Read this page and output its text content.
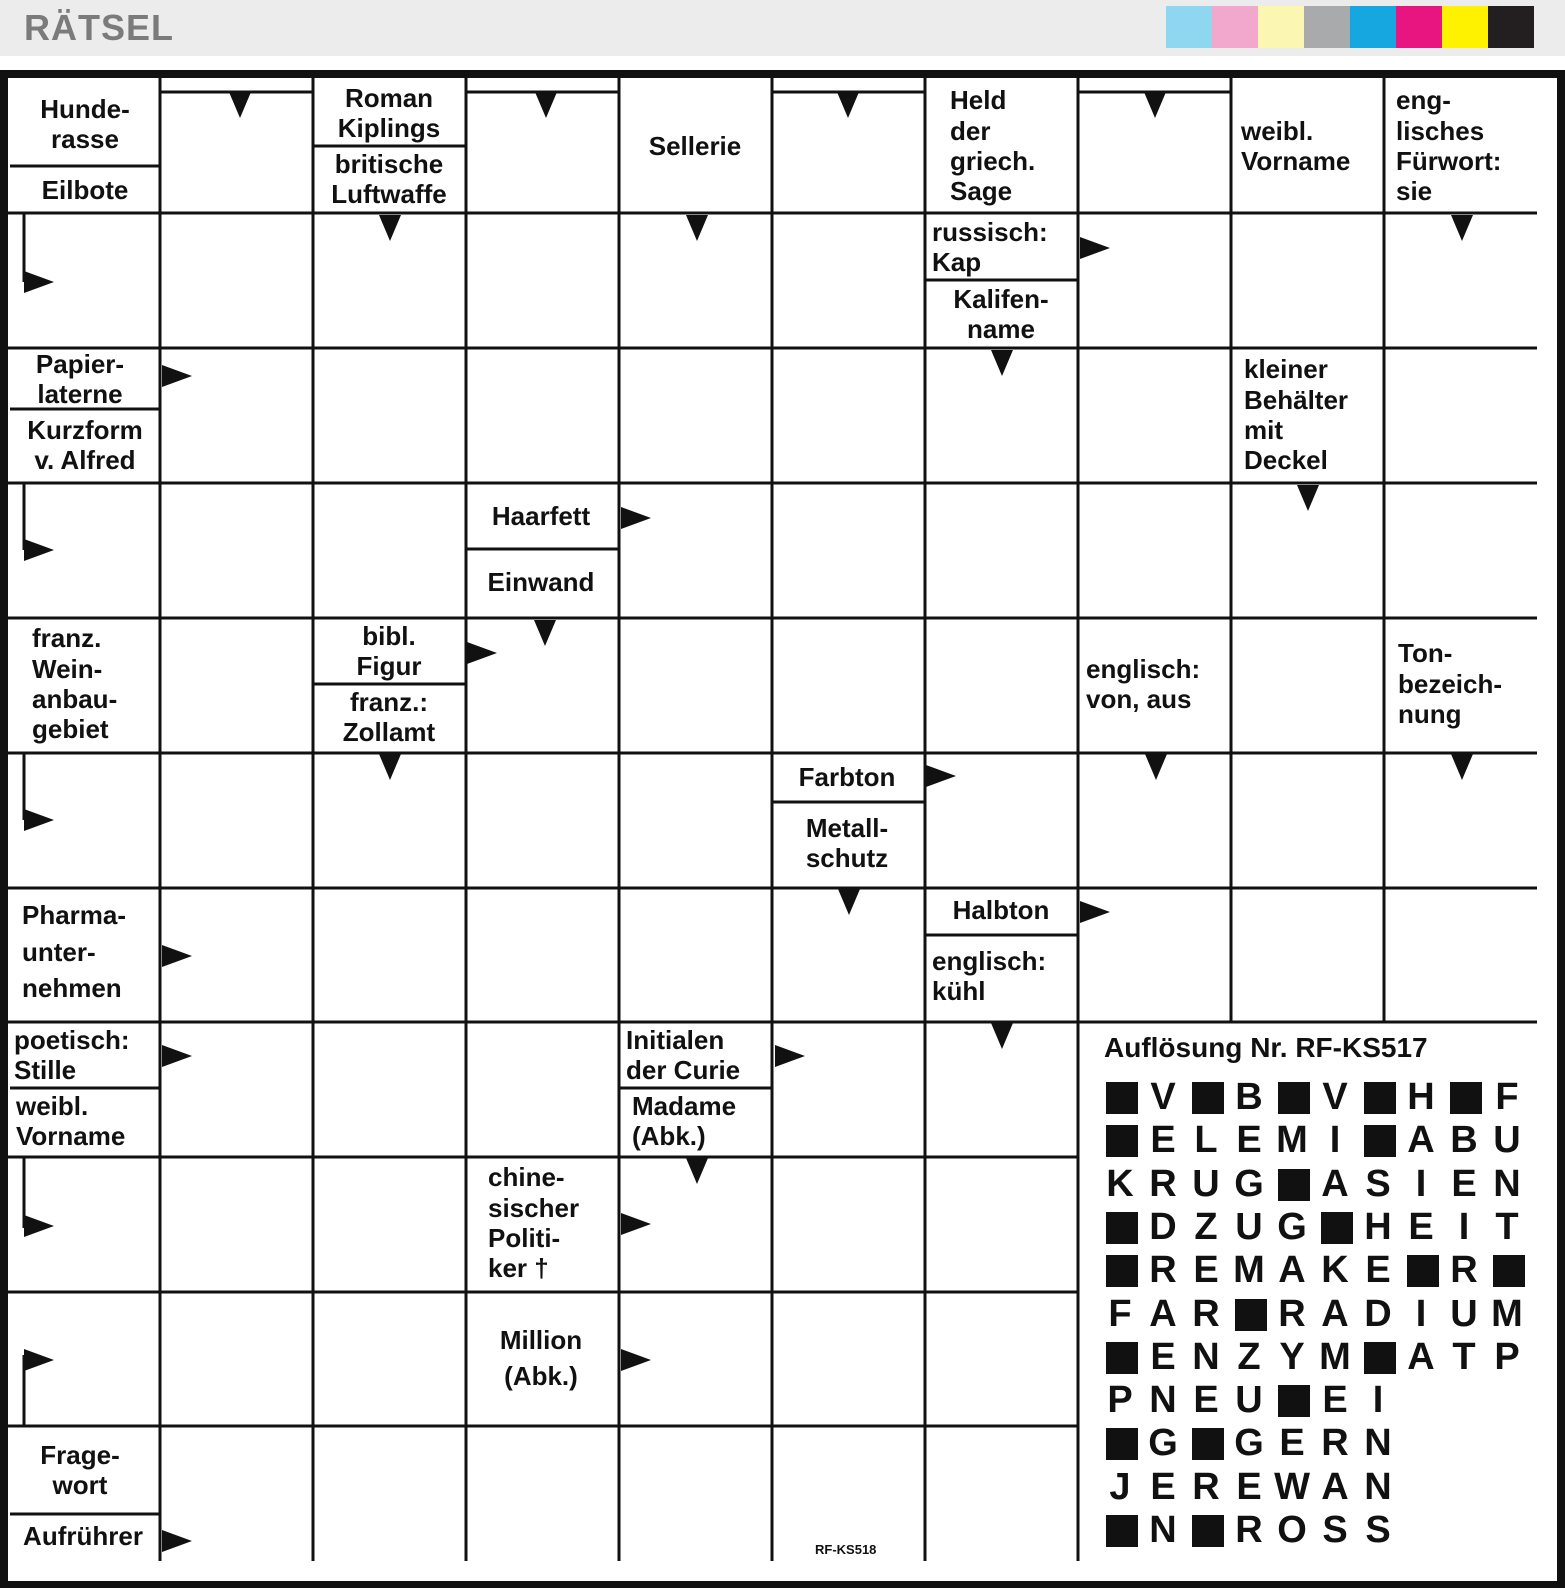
RÄTSEL
Hunde-
rasse
Eilbote
Roman
Kiplings
britische
Luftwaffe
Sellerie
Held
der
griech.
Sage
weibl.
Vorname
eng-
lisches
Fürwort:
sie
russisch:
Kap
Kalifen-
name
Papier-
laterne
Kurzform
v. Alfred
kleiner
Behälter
mit
Deckel
Haarfett
Einwand
franz.
Wein-
anbau-
gebiet
bibl.
Figur
franz.:
Zollamt
englisch:
von, aus
Ton-
bezeich-
nung
Farbton
Metall-
schutz
Pharma-
unter-
nehmen
Halbton
englisch:
kühl
poetisch:
Stille
weibl.
Vorname
Initialen
der Curie
Madame
(Abk.)
chine-
sischer
Politi-
ker †
Million
(Abk.)
Frage-
wort
Aufrührer
Auflösung Nr. RF-KS517
V B V H F
E L E M I	A B U
K R U G A S I E N
D Z U G H E I T
R E M A K E R
F A R R A D I U M
E N Z Y M A T P
P N E U E I
G G E R N
J E R E W A N
N R O S S
RF-KS518
